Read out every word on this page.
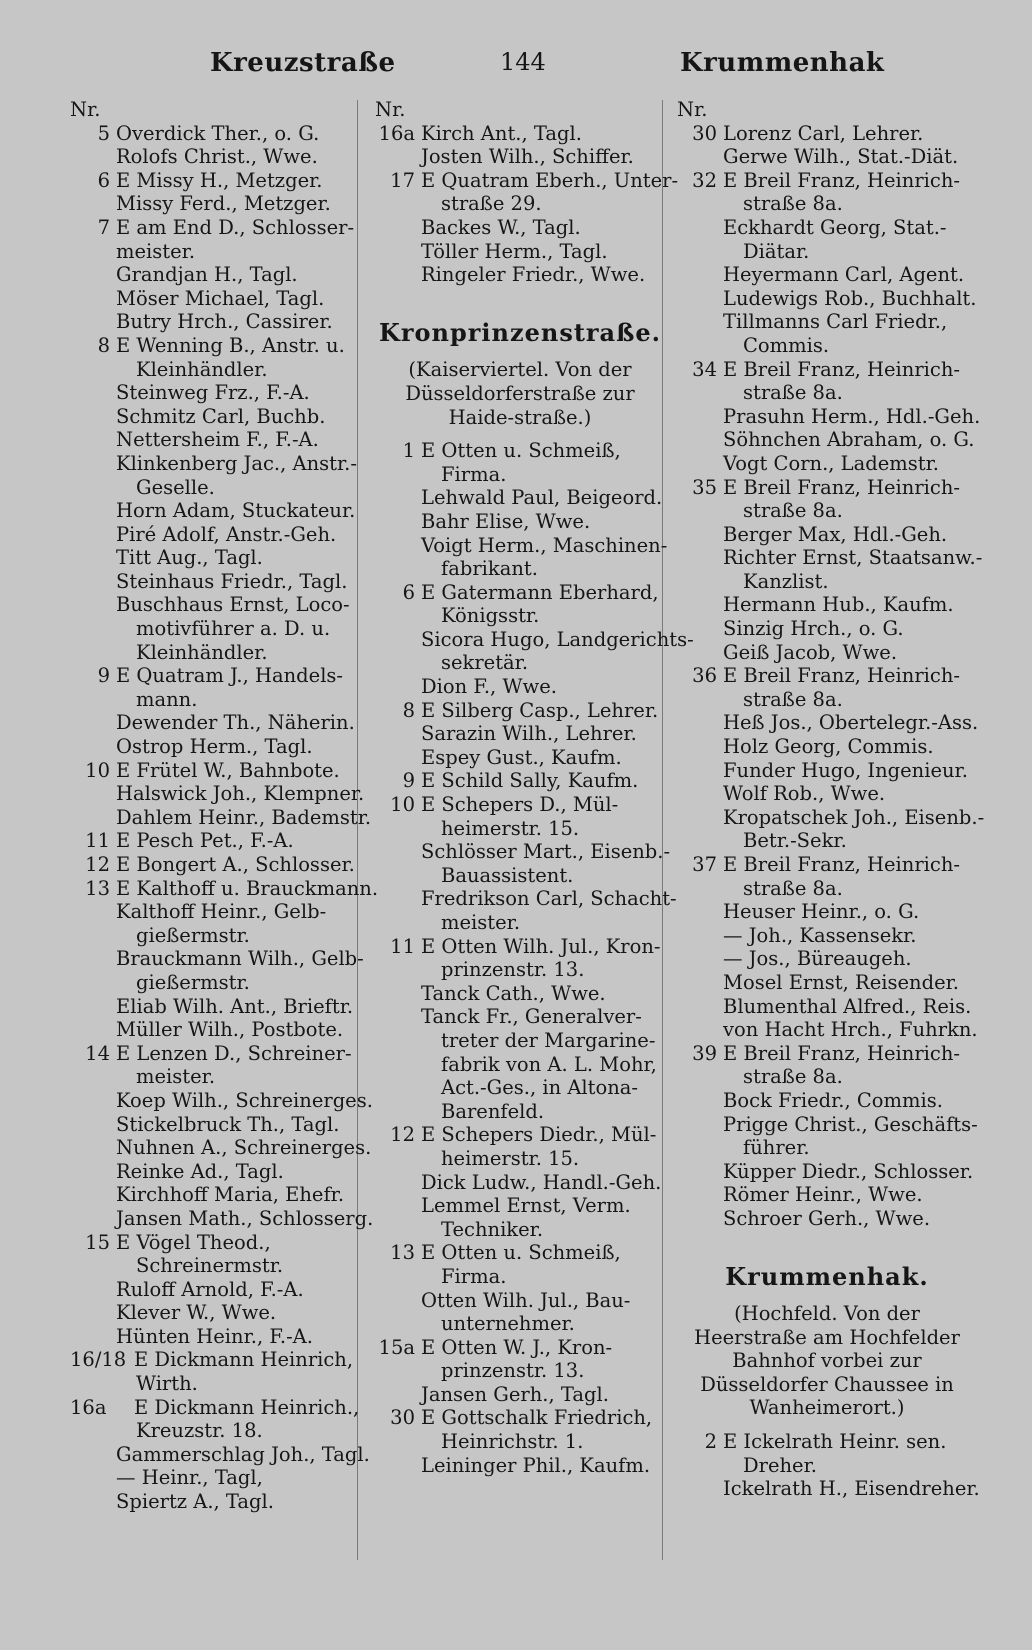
Kreuzstraße	144	Krummenhak
Nr.
5 Overdick Ther., o. G.
Rolofs Christ., Wwe.
6 E Missy H., Metzger.
Missy Ferd., Metzger.
7 E am End D., Schlosser-
meister.
Grandjan H., Tagl.
Möser Michael, Tagl.
Butry Hrch., Cassirer.
8 E Wenning B., Anstr. u.
Kleinhändler.
Steinweg Frz., F.-A.
Schmitz Carl, Buchb.
Nettersheim F., F.-A.
Klinkenberg Jac., Anstr.-
Geselle.
Horn Adam, Stuckateur.
Piré Adolf, Anstr.-Geh.
Titt Aug., Tagl.
Steinhaus Friedr., Tagl.
Buschhaus Ernst, Loco-
motivführer a. D. u.
Kleinhändler.
9 E Quatram J., Handels-
mann.
Dewender Th., Näherin.
Ostrop Herm., Tagl.
10 E Frütel W., Bahnbote.
Halswick Joh., Klempner.
Dahlem Heinr., Bademstr.
11 E Pesch Pet., F.-A.
12 E Bongert A., Schlosser.
13 E Kalthoff u. Brauckmann.
Kalthoff Heinr., Gelb-
gießermstr.
Brauckmann Wilh., Gelb-
gießermstr.
Eliab Wilh. Ant., Brieftr.
Müller Wilh., Postbote.
14 E Lenzen D., Schreiner-
meister.
Koep Wilh., Schreinerges.
Stickelbruck Th., Tagl.
Nuhnen A., Schreinerges.
Reinke Ad., Tagl.
Kirchhoff Maria, Ehefr.
Jansen Math., Schlosserg.
15 E Vögel Theod.,
Schreinermstr.
Ruloff Arnold, F.-A.
Klever W., Wwe.
Hünten Heinr., F.-A.
16/18 E Dickmann Heinrich,
Wirth.
16a E Dickmann Heinrich.,
Kreuzstr. 18.
Gammerschlag Joh., Tagl.
— Heinr., Tagl,
Spiertz A., Tagl.
Nr.
16a Kirch Ant., Tagl.
Josten Wilh., Schiffer.
17 E Quatram Eberh., Unter-
straße 29.
Backes W., Tagl.
Töller Herm., Tagl.
Ringeler Friedr., Wwe.
Kronprinzenstraße.
(Kaiserviertel. Von der Düsseldorferstraße zur Haide-straße.)
1 E Otten u. Schmeiß,
Firma.
Lehwald Paul, Beigeord.
Bahr Elise, Wwe.
Voigt Herm., Maschinen-
fabrikant.
6 E Gatermann Eberhard,
Königsstr.
Sicora Hugo, Landgerichts-
sekretär.
Dion F., Wwe.
8 E Silberg Casp., Lehrer.
Sarazin Wilh., Lehrer.
Espey Gust., Kaufm.
9 E Schild Sally, Kaufm.
10 E Schepers D., Mül-
heimerstr. 15.
Schlösser Mart., Eisenb.-
Bauassistent.
Fredrikson Carl, Schacht-
meister.
11 E Otten Wilh. Jul., Kron-
prinzenstr. 13.
Tanck Cath., Wwe.
Tanck Fr., Generalver-
treter der Margarine-
fabrik von A. L. Mohr,
Act.-Ges., in Altona-
Barenfeld.
12 E Schepers Diedr., Mül-
heimerstr. 15.
Dick Ludw., Handl.-Geh.
Lemmel Ernst, Verm.
Techniker.
13 E Otten u. Schmeiß,
Firma.
Otten Wilh. Jul., Bau-
unternehmer.
15a E Otten W. J., Kron-
prinzenstr. 13.
Jansen Gerh., Tagl.
30 E Gottschalk Friedrich,
Heinrichstr. 1.
Leininger Phil., Kaufm.
Nr.
30 Lorenz Carl, Lehrer.
Gerwe Wilh., Stat.-Diät.
32 E Breil Franz, Heinrich-
straße 8a.
Eckhardt Georg, Stat.-
Diätar.
Heyermann Carl, Agent.
Ludewigs Rob., Buchhalt.
Tillmanns Carl Friedr.,
Commis.
34 E Breil Franz, Heinrich-
straße 8a.
Prasuhn Herm., Hdl.-Geh.
Söhnchen Abraham, o. G.
Vogt Corn., Lademstr.
35 E Breil Franz, Heinrich-
straße 8a.
Berger Max, Hdl.-Geh.
Richter Ernst, Staatsanw.-
Kanzlist.
Hermann Hub., Kaufm.
Sinzig Hrch., o. G.
Geiß Jacob, Wwe.
36 E Breil Franz, Heinrich-
straße 8a.
Heß Jos., Obertelegr.-Ass.
Holz Georg, Commis.
Funder Hugo, Ingenieur.
Wolf Rob., Wwe.
Kropatschek Joh., Eisenb.-
Betr.-Sekr.
37 E Breil Franz, Heinrich-
straße 8a.
Heuser Heinr., o. G.
— Joh., Kassensekr.
— Jos., Büreaugeh.
Mosel Ernst, Reisender.
Blumenthal Alfred., Reis.
von Hacht Hrch., Fuhrkn.
39 E Breil Franz, Heinrich-
straße 8a.
Bock Friedr., Commis.
Prigge Christ., Geschäfts-
führer.
Küpper Diedr., Schlosser.
Römer Heinr., Wwe.
Schroer Gerh., Wwe.
Krummenhak.
(Hochfeld. Von der Heerstraße am Hochfelder Bahnhof vorbei zur Düsseldorfer Chaussee in Wanheimerort.)
2 E Ickelrath Heinr. sen.
Dreher.
Ickelrath H., Eisendreher.
